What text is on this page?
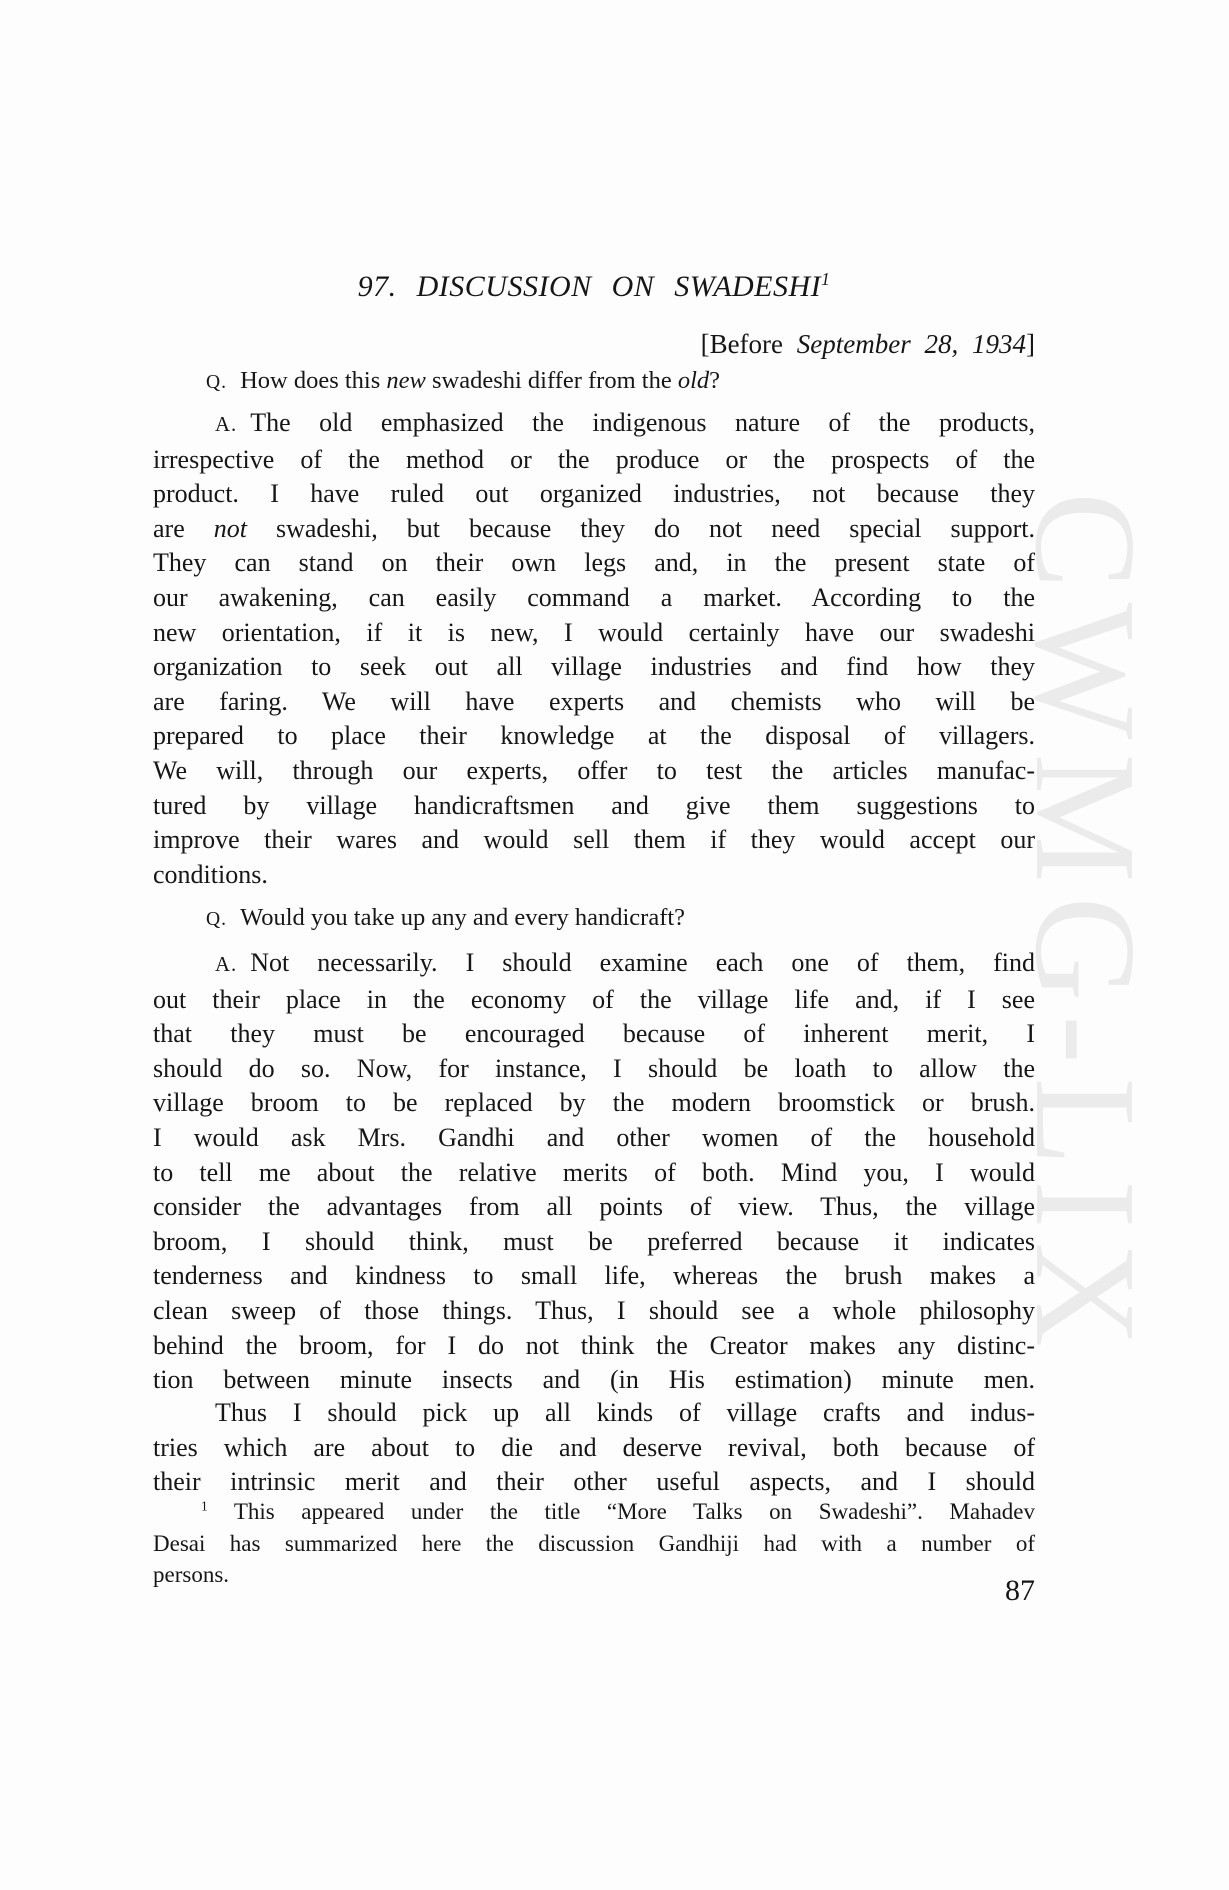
CWMG-LIX
97. DISCUSSION ON SWADESHI$^1$
[Before September 28, 1934]
Q. How does this new swadeshi differ from the old?
A. The old emphasized the indigenous nature of the products,
irrespective of the method or the produce or the prospects of the
product. I have ruled out organized industries, not because they
are not swadeshi, but because they do not need special support.
They can stand on their own legs and, in the present state of
our awakening, can easily command a market. According to the
new orientation, if it is new, I would certainly have our swadeshi
organization to seek out all village industries and find how they
are faring. We will have experts and chemists who will be
prepared to place their knowledge at the disposal of villagers.
We will, through our experts, offer to test the articles manufac-
tured by village handicraftsmen and give them suggestions to
improve their wares and would sell them if they would accept our
conditions.
Q. Would you take up any and every handicraft?
A. Not necessarily. I should examine each one of them, find
out their place in the economy of the village life and, if I see
that they must be encouraged because of inherent merit, I
should do so. Now, for instance, I should be loath to allow the
village broom to be replaced by the modern broomstick or brush.
I would ask Mrs. Gandhi and other women of the household
to tell me about the relative merits of both. Mind you, I would
consider the advantages from all points of view. Thus, the village
broom, I should think, must be preferred because it indicates
tenderness and kindness to small life, whereas the brush makes a
clean sweep of those things. Thus, I should see a whole philosophy
behind the broom, for I do not think the Creator makes any distinc-
tion between minute insects and (in His estimation) minute men.
Thus I should pick up all kinds of village crafts and indus-
tries which are about to die and deserve revival, both because of
their intrinsic merit and their other useful aspects, and I should
$^1$ This appeared under the title “More Talks on Swadeshi”. Mahadev
Desai has summarized here the discussion Gandhiji had with a number of
persons.	87
